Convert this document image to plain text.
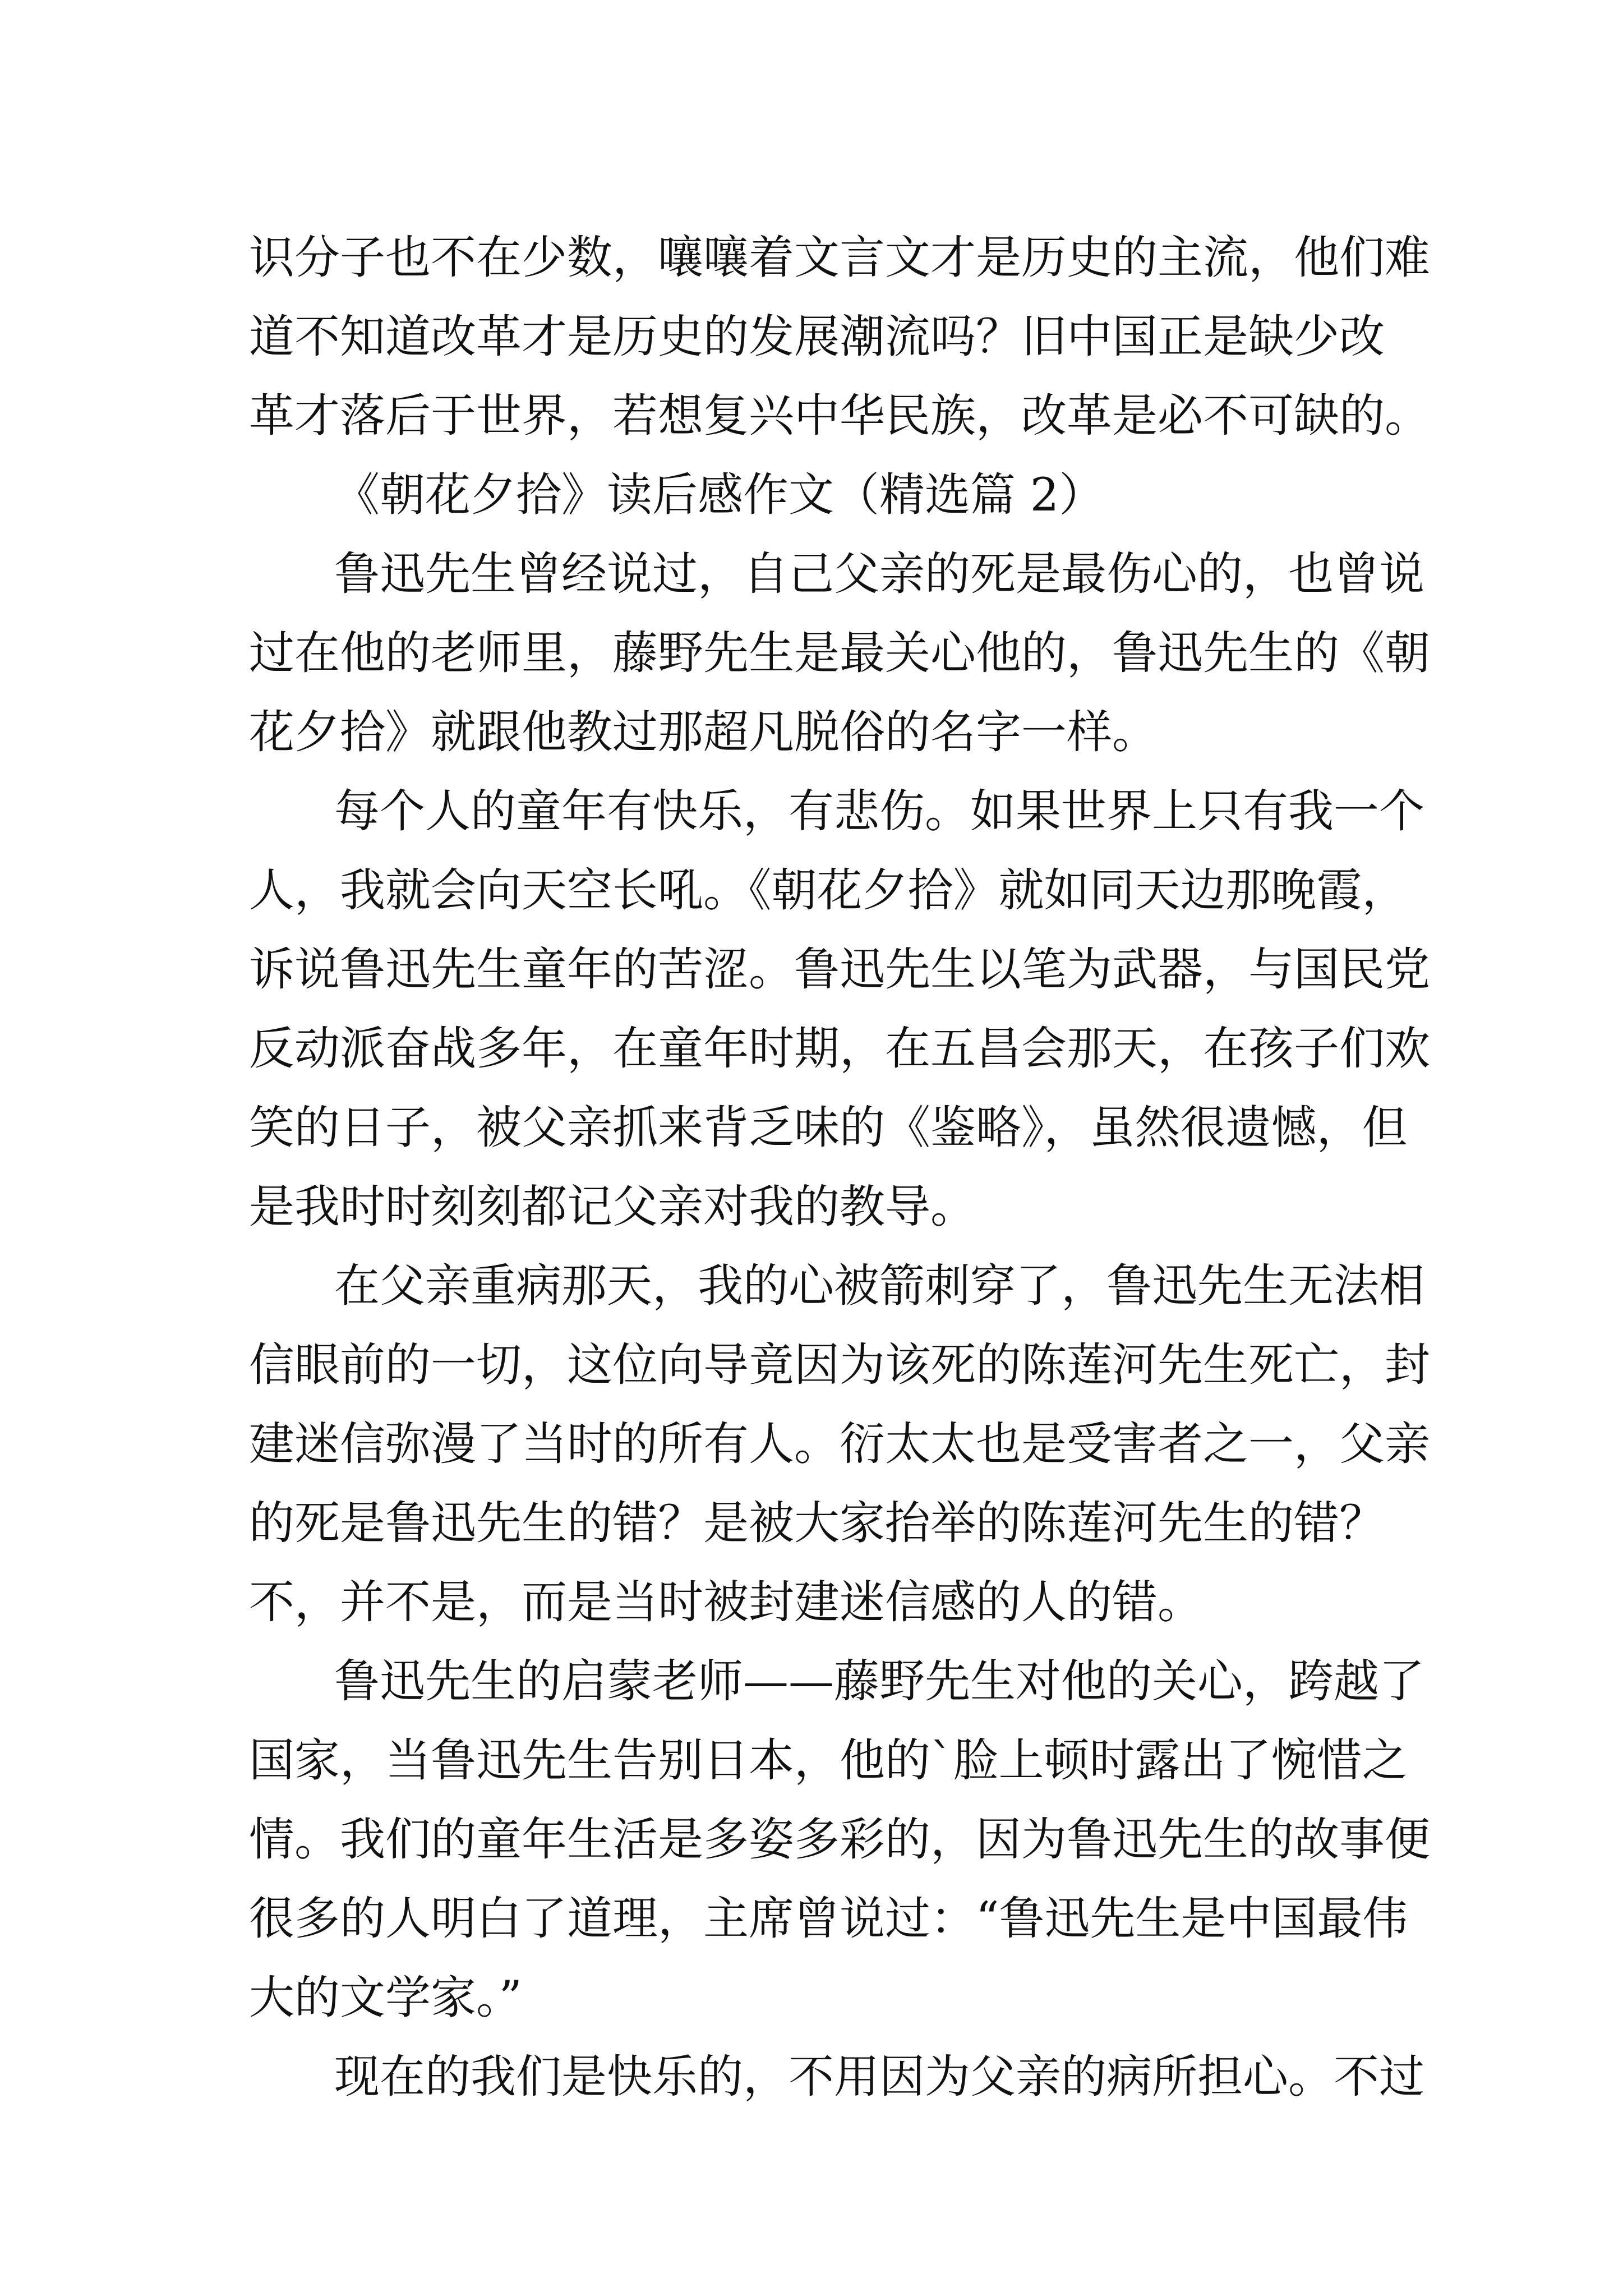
识分子也不在少数，嚷嚷着文言文才是历史的主流，他们难

道不知道改革才是历史的发展潮流吗？旧中国正是缺少改

革才落后于世界，若想复兴中华民族，改革是必不可缺的。

《朝花夕拾》读后感作文（精选篇 2）

鲁迅先生曾经说过，自己父亲的死是最伤心的，也曾说

过在他的老师里，藤野先生是最关心他的，鲁迅先生的《朝

花夕拾》就跟他教过那超凡脱俗的名字一样。

每个人的童年有快乐，有悲伤。如果世界上只有我一个

人，我就会向天空长吼。《朝花夕拾》就如同天边那晚霞，

诉说鲁迅先生童年的苦涩。鲁迅先生以笔为武器，与国民党

反动派奋战多年，在童年时期，在五昌会那天，在孩子们欢

笑的日子，被父亲抓来背乏味的《鉴略》，虽然很遗憾，但

是我时时刻刻都记父亲对我的教导。

在父亲重病那天，我的心被箭刺穿了，鲁迅先生无法相

信眼前的一切，这位向导竟因为该死的陈莲河先生死亡，封

建迷信弥漫了当时的所有人。衍太太也是受害者之一，父亲

的死是鲁迅先生的错？是被大家抬举的陈莲河先生的错？

不，并不是，而是当时被封建迷信感的人的错。

鲁迅先生的启蒙老师——藤野先生对他的关心，跨越了

国家，当鲁迅先生告别日本，他的`脸上顿时露出了惋惜之

情。我们的童年生活是多姿多彩的，因为鲁迅先生的故事便

很多的人明白了道理，主席曾说过：“鲁迅先生是中国最伟

大的文学家。”

现在的我们是快乐的，不用因为父亲的病所担心。不过
